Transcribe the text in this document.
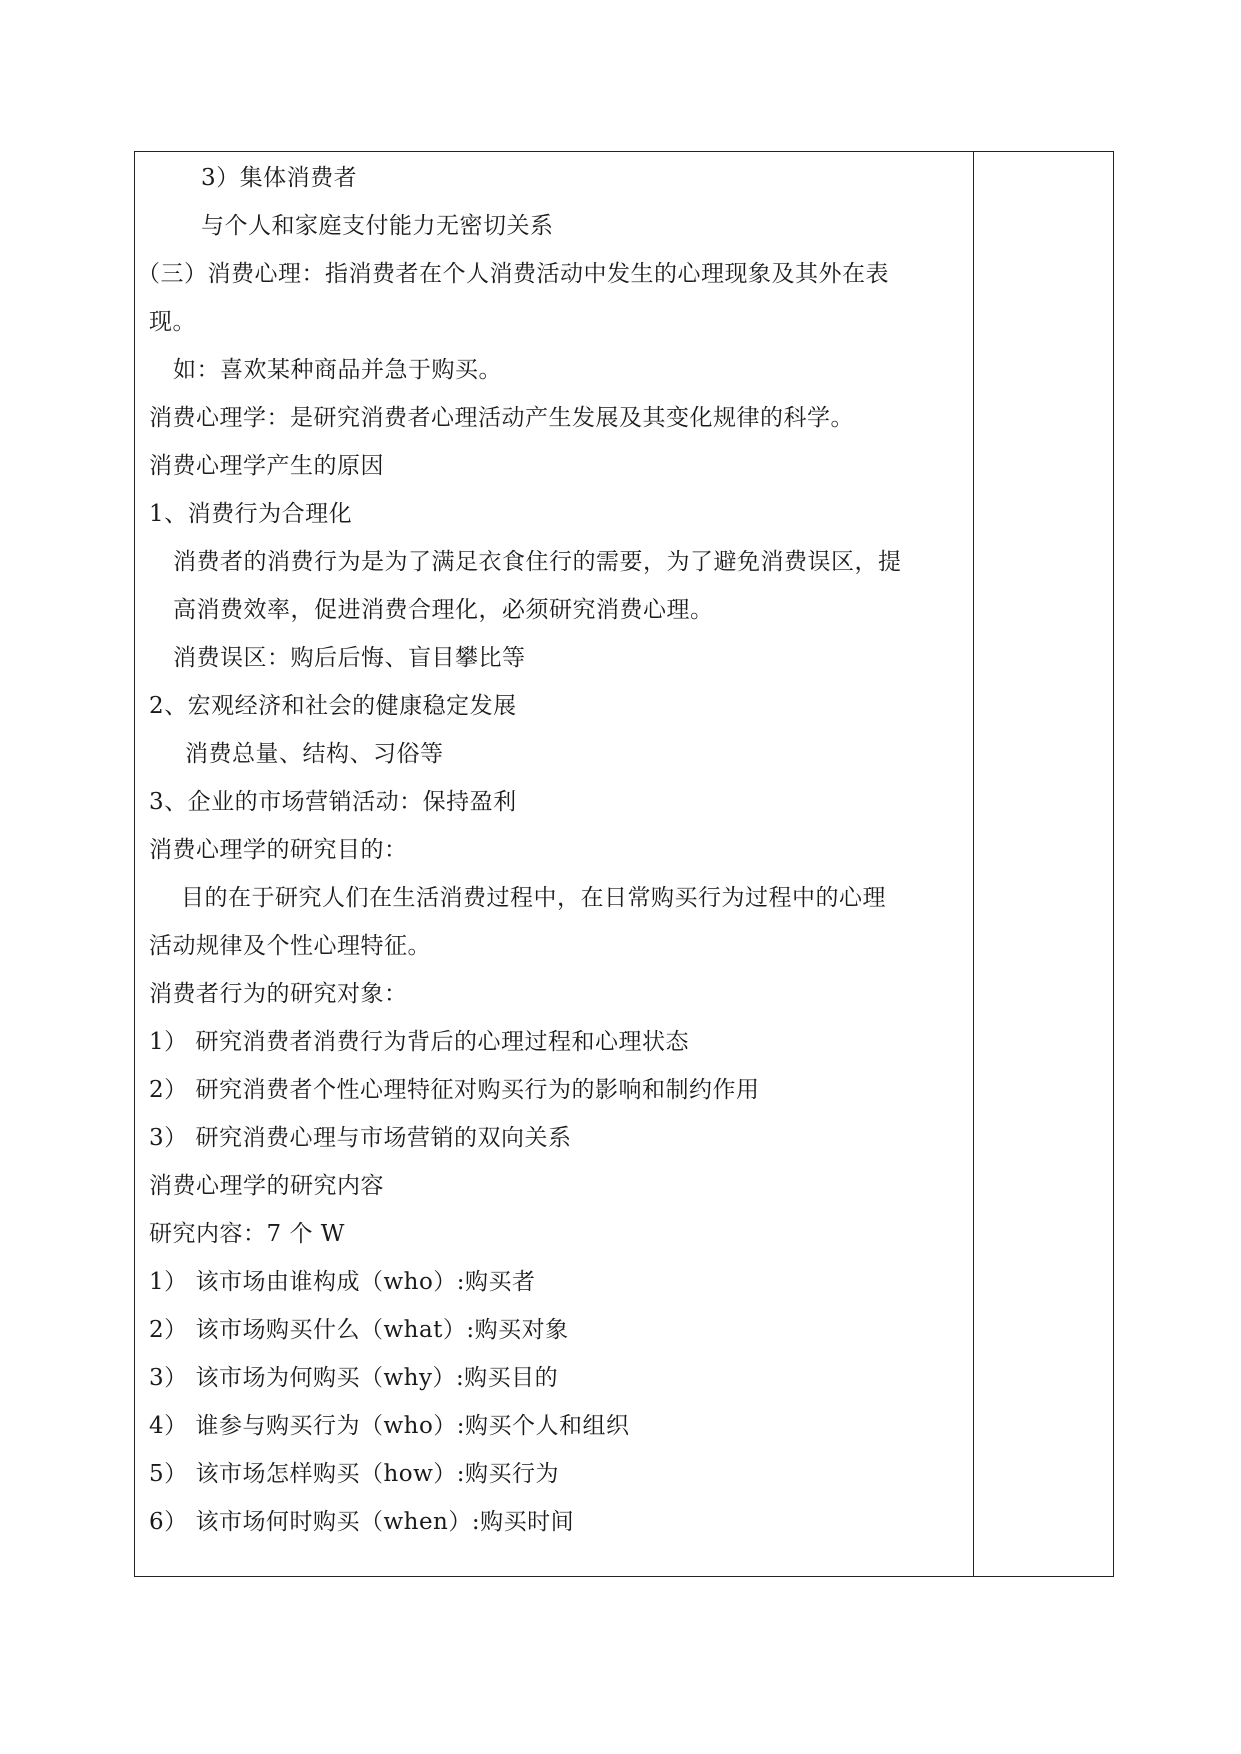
3）集体消费者
与个人和家庭支付能力无密切关系
（三）消费心理：指消费者在个人消费活动中发生的心理现象及其外在表
现。
如：喜欢某种商品并急于购买。
消费心理学：是研究消费者心理活动产生发展及其变化规律的科学。
消费心理学产生的原因
1、消费行为合理化
消费者的消费行为是为了满足衣食住行的需要，为了避免消费误区，提
高消费效率，促进消费合理化，必须研究消费心理。
消费误区：购后后悔、盲目攀比等
2、宏观经济和社会的健康稳定发展
消费总量、结构、习俗等
3、企业的市场营销活动：保持盈利
消费心理学的研究目的：
目的在于研究人们在生活消费过程中，在日常购买行为过程中的心理
活动规律及个性心理特征。
消费者行为的研究对象：
1） 研究消费者消费行为背后的心理过程和心理状态
2） 研究消费者个性心理特征对购买行为的影响和制约作用
3） 研究消费心理与市场营销的双向关系
消费心理学的研究内容
研究内容：7 个 W
1） 该市场由谁构成（who）:购买者
2） 该市场购买什么（what）:购买对象
3） 该市场为何购买（why）:购买目的
4） 谁参与购买行为（who）:购买个人和组织
5） 该市场怎样购买（how）:购买行为
6） 该市场何时购买（when）:购买时间
